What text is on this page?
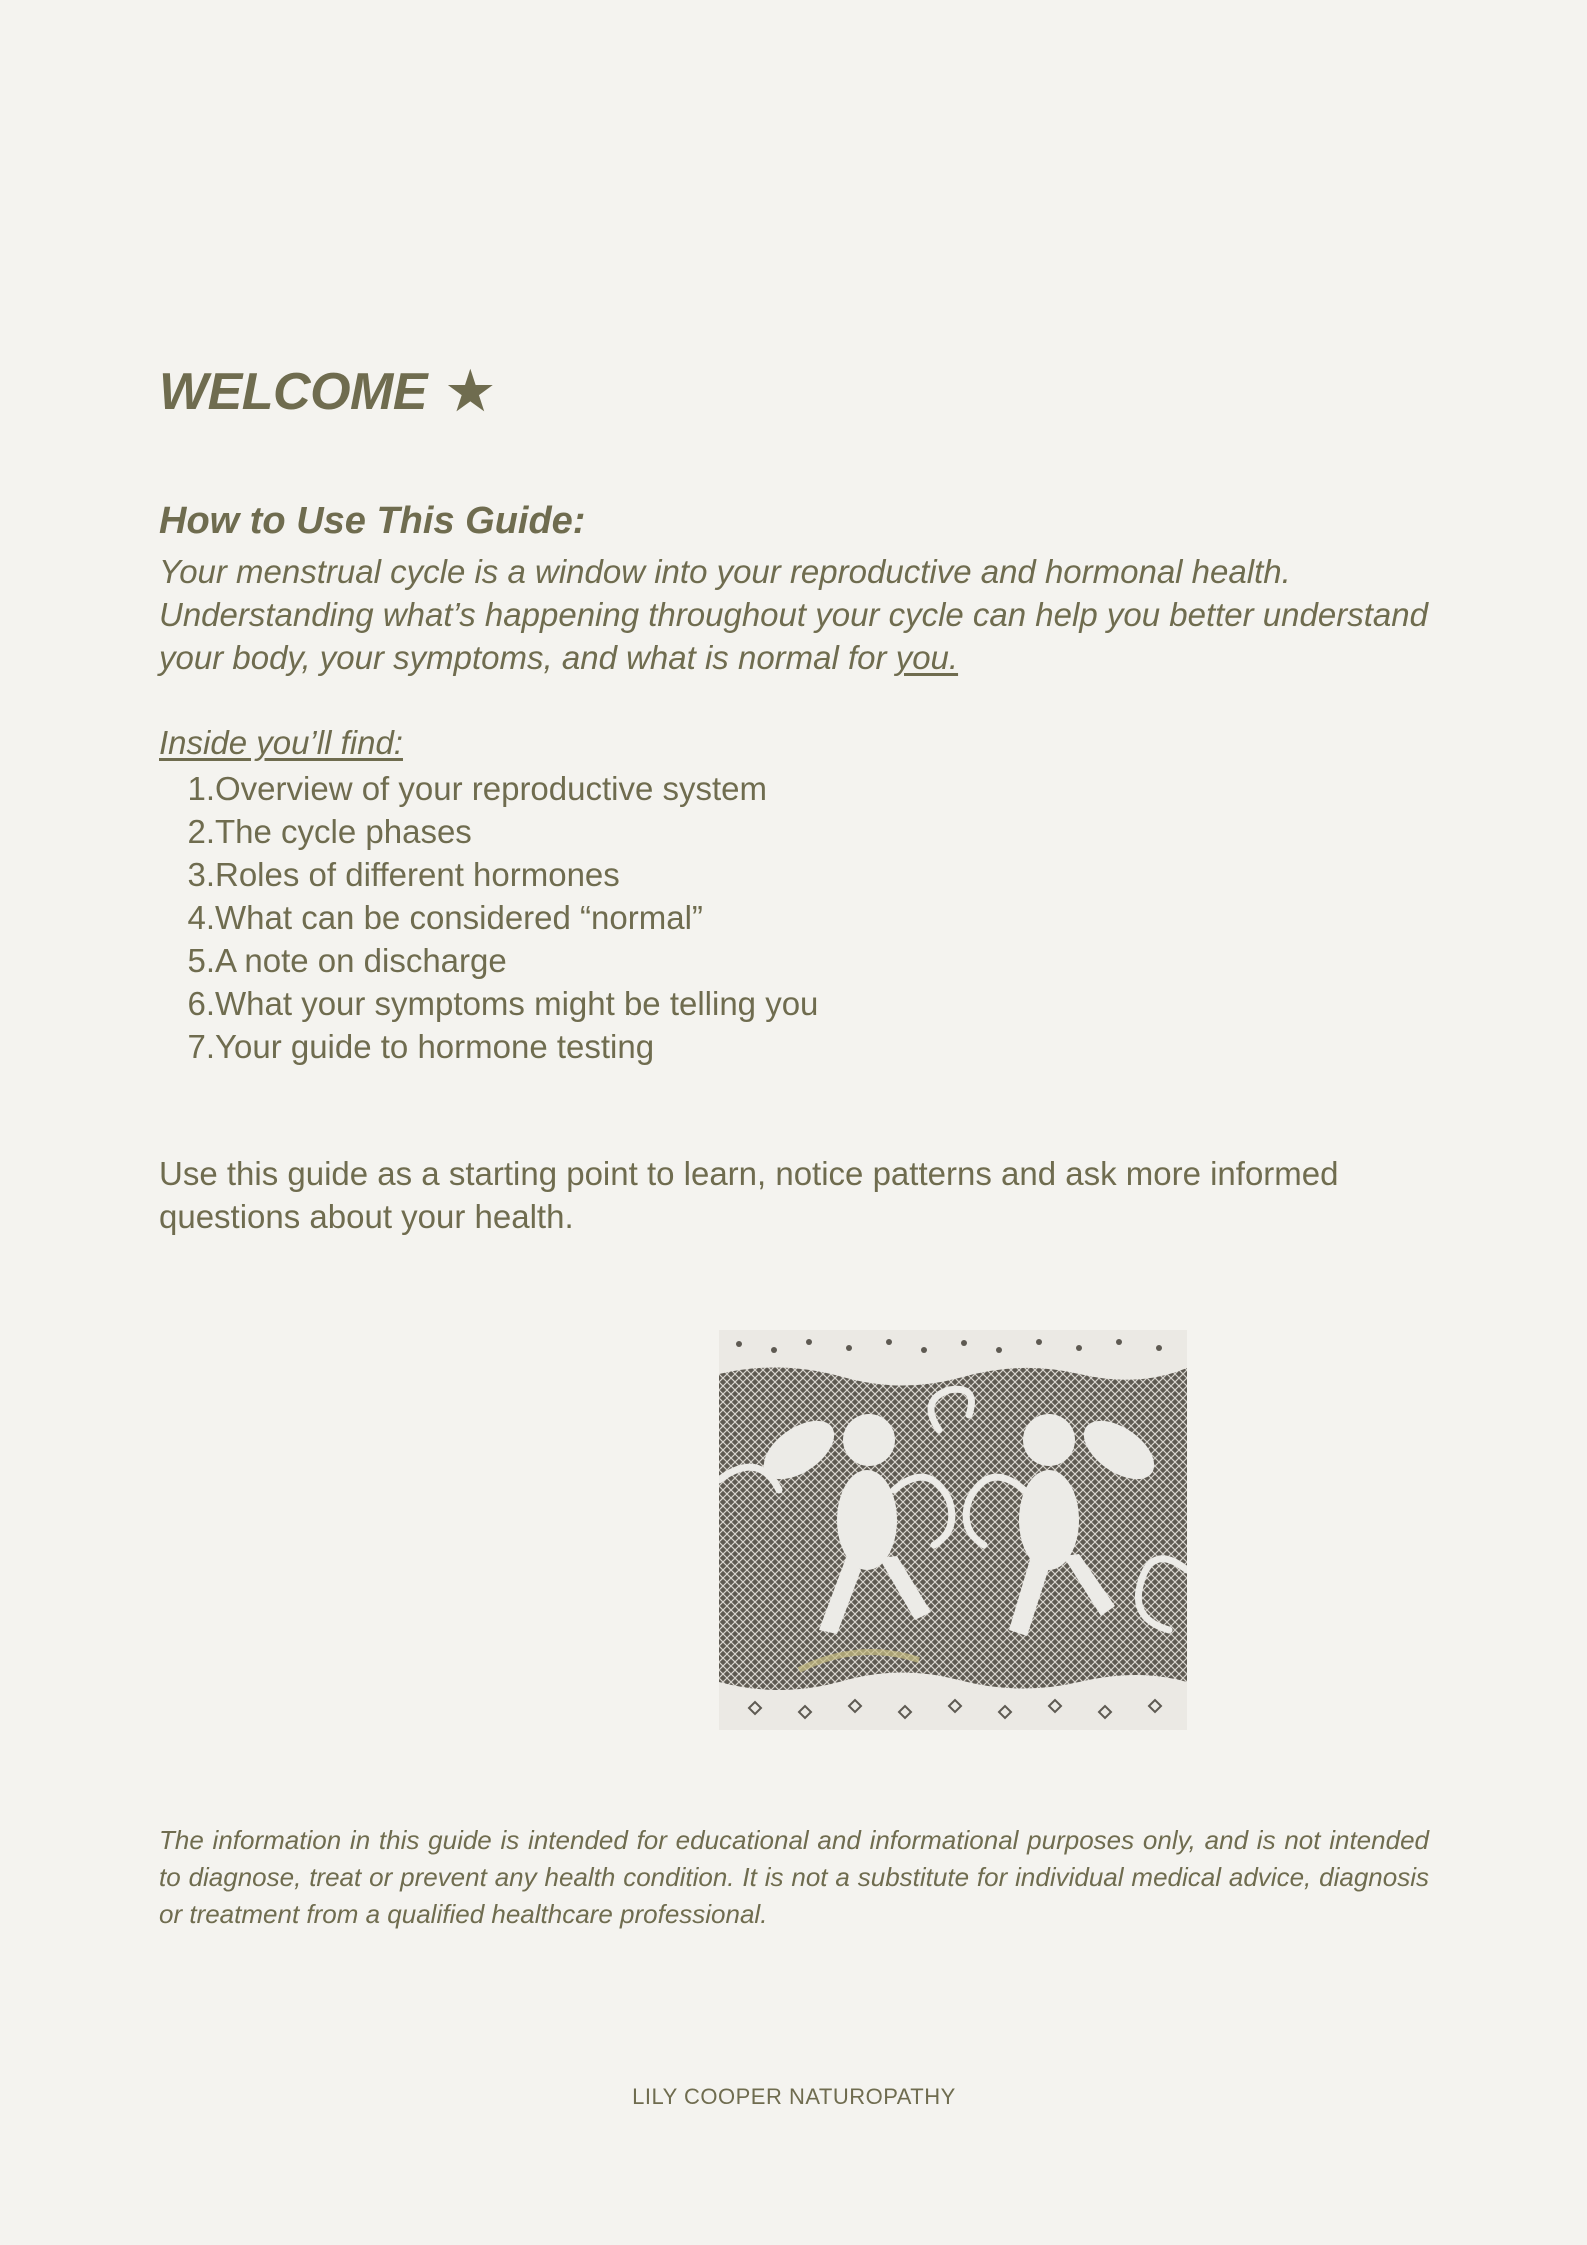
WELCOME ★
How to Use This Guide:

Your menstrual cycle is a window into your reproductive and hormonal health. Understanding what’s happening throughout your cycle can help you better understand your body, your symptoms, and what is normal for you.

Inside you’ll find:

1. Overview of your reproductive system
2. The cycle phases
3. Roles of different hormones
4. What can be considered “normal”
5. A note on discharge
6. What your symptoms might be telling you
7. Your guide to hormone testing

Use this guide as a starting point to learn, notice patterns and ask more informed questions about your health.

The information in this guide is intended for educational and informational purposes only, and is not intended to diagnose, treat or prevent any health condition. It is not a substitute for individual medical advice, diagnosis or treatment from a qualified healthcare professional.

LILY COOPER NATUROPATHY
